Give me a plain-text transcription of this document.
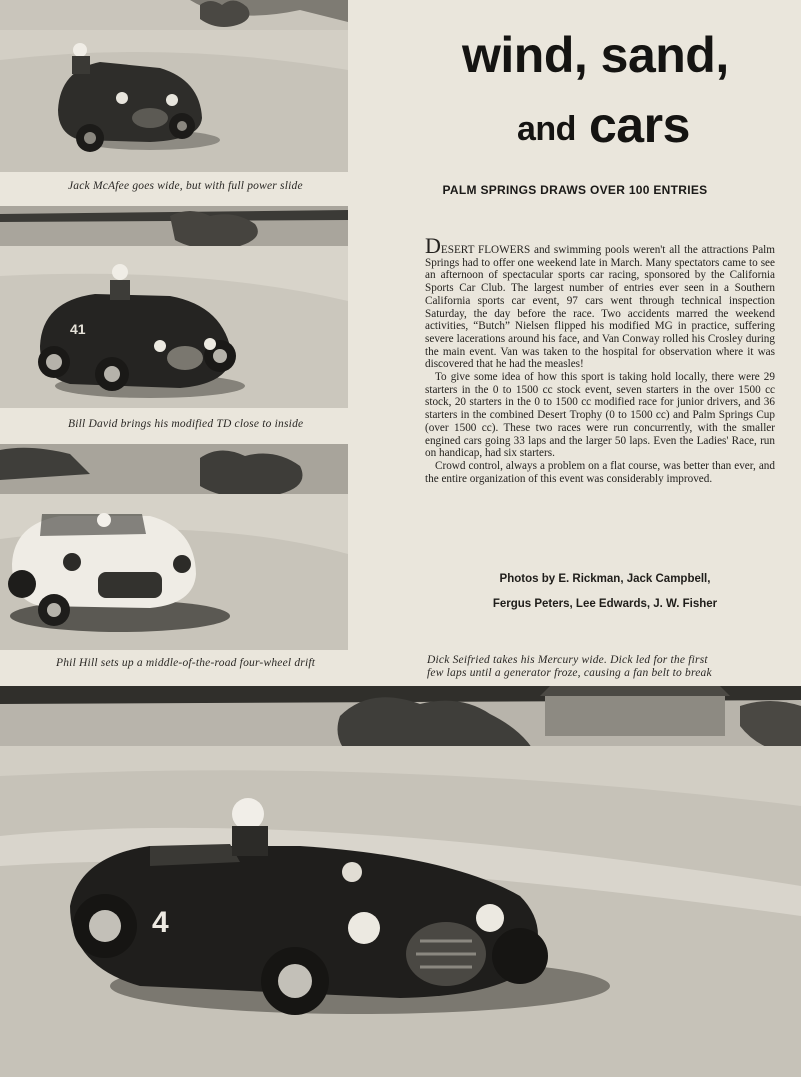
Jack McAfee goes wide, but with full power slide
41
Bill David brings his modified TD close to inside
Phil Hill sets up a middle-of-the-road four-wheel drift
wind, sand,
and cars
PALM SPRINGS DRAWS OVER 100 ENTRIES

DESERT FLOWERS and swimming pools weren't all the attractions Palm Springs had to offer one weekend late in March. Many spectators came to see an afternoon of spectacular sports car racing, sponsored by the California Sports Car Club. The largest number of entries ever seen in a Southern California sports car event, 97 cars went through technical inspection Saturday, the day before the race. Two accidents marred the weekend activities, “Butch” Nielsen flipped his modified MG in practice, suffering severe lacerations around his face, and Van Conway rolled his Crosley during the main event. Van was taken to the hospital for observation where it was discovered that he had the measles!

To give some idea of how this sport is taking hold locally, there were 29 starters in the 0 to 1500 cc stock event, seven starters in the over 1500 cc stock, 20 starters in the 0 to 1500 cc modified race for junior drivers, and 36 starters in the combined Desert Trophy (0 to 1500 cc) and Palm Springs Cup (over 1500 cc). These two races were run concurrently, with the smaller engined cars going 33 laps and the larger 50 laps. Even the Ladies' Race, run on handicap, had six starters.

Crowd control, always a problem on a flat course, was better than ever, and the entire organization of this event was considerably improved.

Photos by E. Rickman, Jack Campbell,
Fergus Peters, Lee Edwards, J. W. Fisher
Dick Seifried takes his Mercury wide. Dick led for the first
few laps until a generator froze, causing a fan belt to break
4
